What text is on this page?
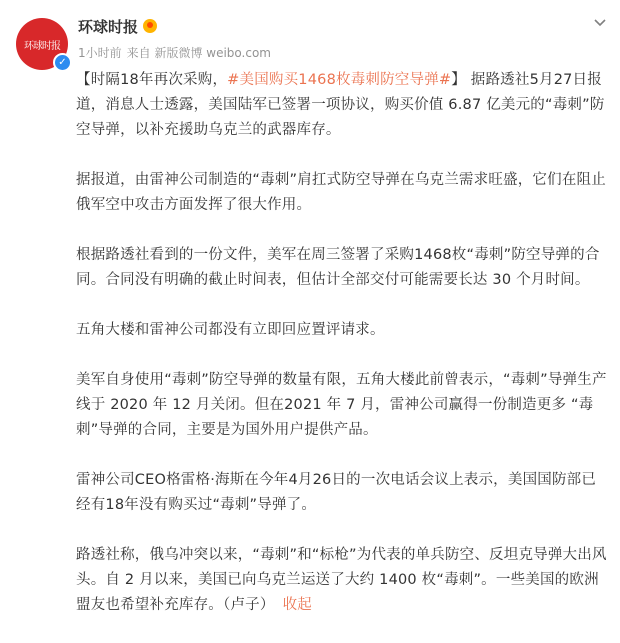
环球时报
✓
环球时报
1小时前 来自 新版微博 weibo.com

【时隔18年再次采购，#美国购买1468枚毒刺防空导弹#】 据路透社5月27日报道，消息人士透露，美国陆军已签署一项协议，购买价值 6.87 亿美元的“毒刺”防空导弹，以补充援助乌克兰的武器库存。

据报道，由雷神公司制造的“毒刺”肩扛式防空导弹在乌克兰需求旺盛，它们在阻止俄军空中攻击方面发挥了很大作用。

根据路透社看到的一份文件，美军在周三签署了采购1468枚“毒刺”防空导弹的合同。合同没有明确的截止时间表，但估计全部交付可能需要长达 30 个月时间。

五角大楼和雷神公司都没有立即回应置评请求。

美军自身使用“毒刺”防空导弹的数量有限，五角大楼此前曾表示，“毒刺”导弹生产线于 2020 年 12 月关闭。但在2021 年 7 月，雷神公司赢得一份制造更多 “毒刺”导弹的合同，主要是为国外用户提供产品。

雷神公司CEO格雷格·海斯在今年4月26日的一次电话会议上表示，美国国防部已经有18年没有购买过“毒刺”导弹了。

路透社称，俄乌冲突以来，“毒刺”和“标枪”为代表的单兵防空、反坦克导弹大出风头。自 2 月以来，美国已向乌克兰运送了大约 1400 枚“毒刺”。一些美国的欧洲盟友也希望补充库存。（卢子） 收起
